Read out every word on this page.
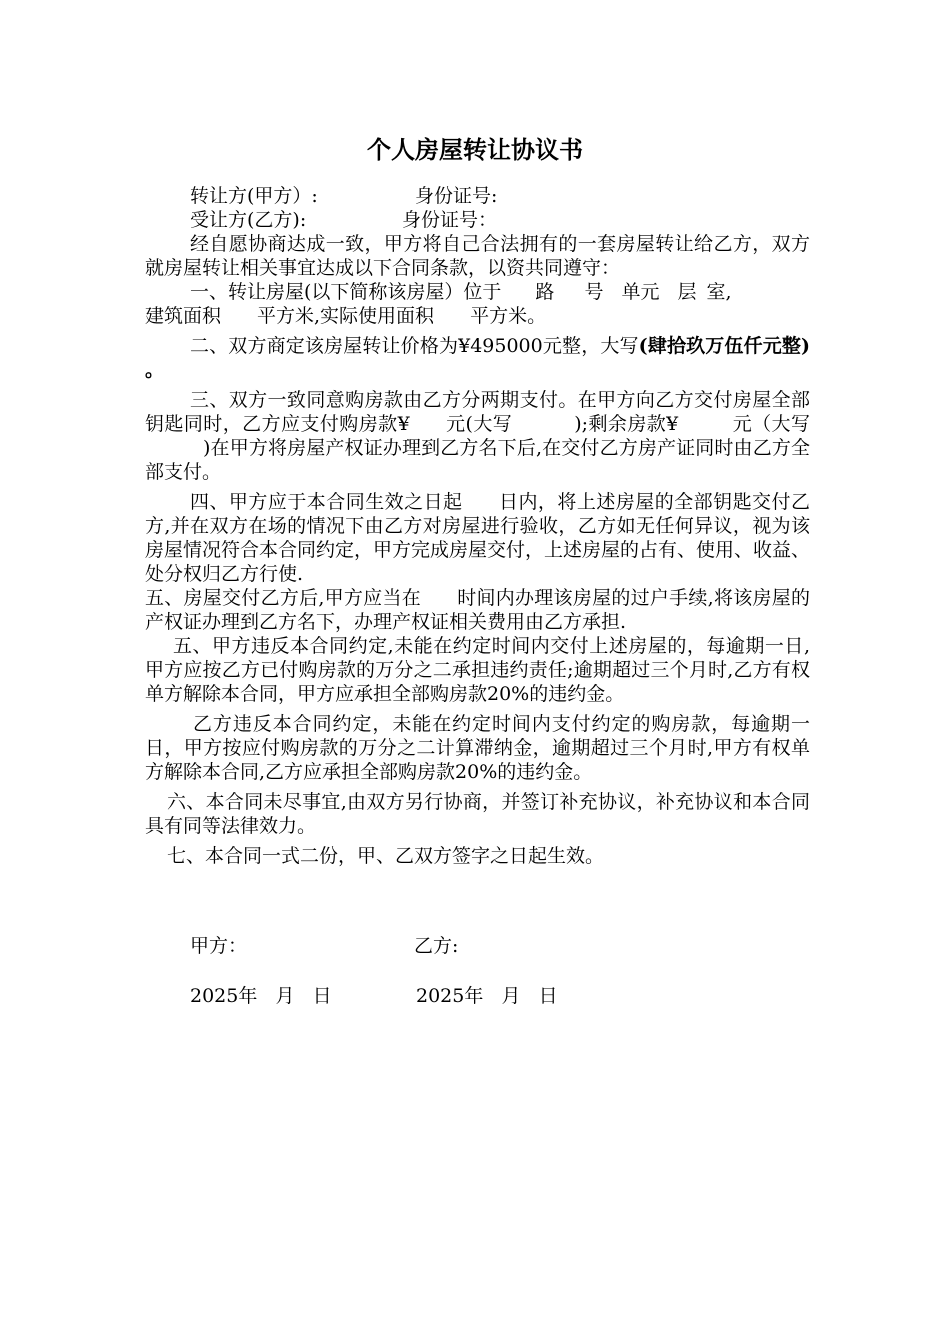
个人房屋转让协议书
转让方(甲方）:	身份证号:
受让方(乙方):	身份证号：

经自愿协商达成一致，甲方将自己合法拥有的一套房屋转让给乙方，双方就房屋转让相关事宜达成以下合同条款，以资共同遵守：

一、转让房屋(以下简称该房屋）位于 路 号 单元 层 室,
建筑面积 平方米,实际使用面积 平方米。

二、双方商定该房屋转让价格为¥495000元整，大写(肆拾玖万伍仟元整) 。

三、双方一致同意购房款由乙方分两期支付。在甲方向乙方交付房屋全部钥匙同时，乙方应支付购房款¥ 元(大写	);剩余房款¥	元（大写)在甲方将房屋产权证办理到乙方名下后,在交付乙方房产证同时由乙方全部支付。

四、甲方应于本合同生效之日起 日内，将上述房屋的全部钥匙交付乙方,并在双方在场的情况下由乙方对房屋进行验收，乙方如无任何异议，视为该房屋情况符合本合同约定，甲方完成房屋交付，上述房屋的占有、使用、收益、处分权归乙方行使.

五、房屋交付乙方后,甲方应当在 时间内办理该房屋的过户手续,将该房屋的产权证办理到乙方名下，办理产权证相关费用由乙方承担.

五、甲方违反本合同约定,未能在约定时间内交付上述房屋的，每逾期一日,甲方应按乙方已付购房款的万分之二承担违约责任;逾期超过三个月时,乙方有权单方解除本合同，甲方应承担全部购房款20%的违约金。

乙方违反本合同约定，未能在约定时间内支付约定的购房款，每逾期一日，甲方按应付购房款的万分之二计算滞纳金，逾期超过三个月时,甲方有权单方解除本合同,乙方应承担全部购房款20%的违约金。

六、本合同未尽事宜,由双方另行协商，并签订补充协议，补充协议和本合同具有同等法律效力。

七、本合同一式二份，甲、乙双方签字之日起生效。

甲方：	乙方:
2025年   月   日	2025年   月   日
